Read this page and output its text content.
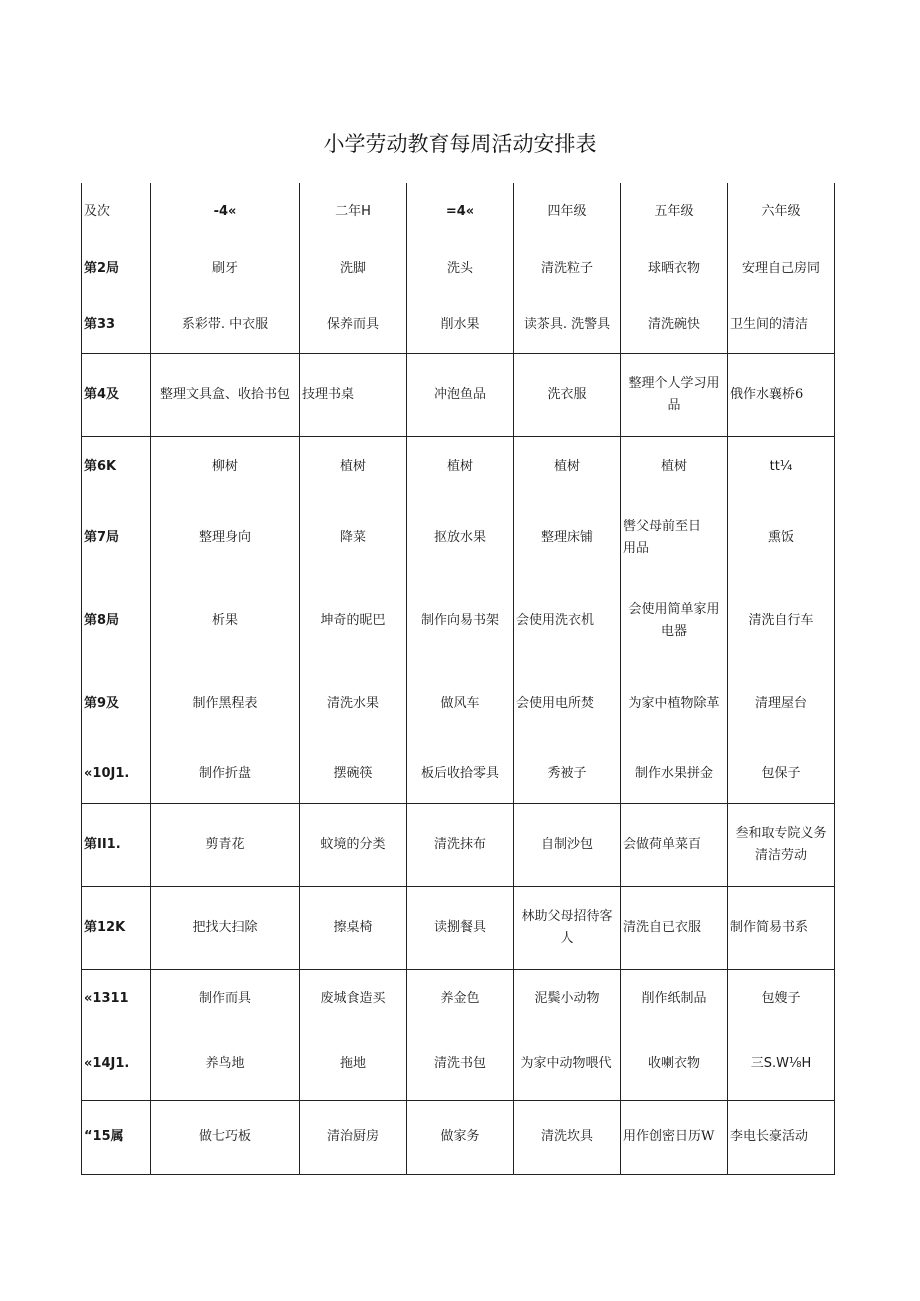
小学劳动教育每周活动安排表
及次	-4«	二年H	=4«	四年级	五年级	六年级
第2局	刷牙	洗脚	洗头	清洗粒子	球晒衣物	安理自己房同
第33	系彩带. 中衣服	保养而具	削水果	读茶具. 洗警具	清洗碗快	卫生间的清洁
第4及	整理文具盒、收拾书包	技理书桌	冲泡鱼品	洗衣服	整理个人学习用品	俄作水襄桥6
第6K	柳树	植树	植树	植树	植树	tt¼
第7局	整理身向	降菜	抠放水果	整理床铺	辔父母前至日用品	熏饭
第8局	析果	坤奇的昵巴	制作向易书架	会使用洗衣机	会使用简单家用电器	清洗自行车
第9及	制作黑程表	清洗水果	做风车	会使用电所焚	为家中植物除革	清理屋台
«10J1.	制作折盘	摆碗筷	板后收拾零具	秀被子	制作水果拼金	包保子
第II1.	剪青花	蚊境的分类	清洗抹布	自制沙包	会做荷单菜百	叁和取专院义务清洁劳动
第12K	把找大扫除	擦桌椅	读捌餐具	林助父母招待客人	清洗自已衣服	制作简易书系
«1311	制作而具	废城食造买	养金色	泥鬓小动物	削作纸制品	包嫂子
«14J1.	养鸟地	拖地	清洗书包	为家中动物喂代	收喇衣物	三S.W⅛H
“15属	做七巧板	清治厨房	做家务	清洗坎具	用作创密日历W	李电长豪活动
